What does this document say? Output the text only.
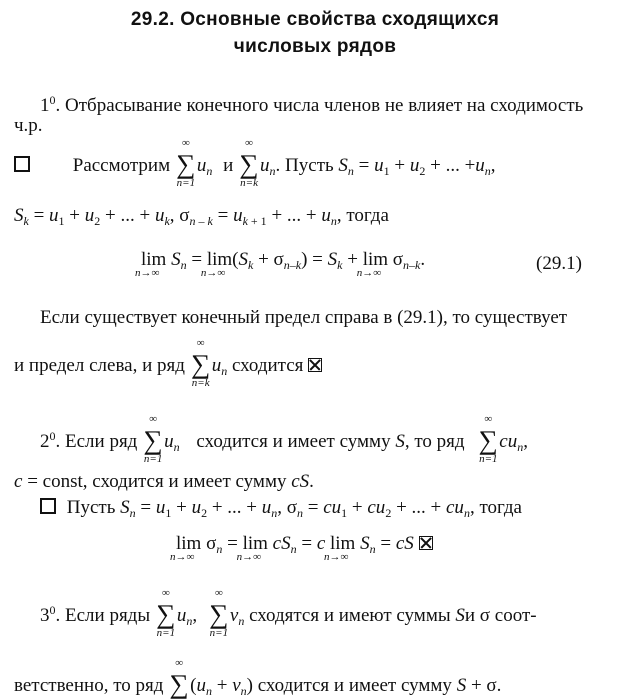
29.2. Основные свойства сходящихся
числовых рядов
$1^0$. Отбрасывание конечного числа членов не влияет на сходимость
ч.р.
Рассмотрим
∞
∑
n=1
$u_n$ и
∞
∑
n=k
$u_n$. Пусть $S_n = u_1 + u_2$ + ... $+u_n$,
$S_k = u_1 + u_2$ + ... + $u_k$, $\sigma_{n - k} = u_{k + 1}$ + ... + $u_n$, тогда
lim
n→∞
$S_n = \lim$
n→∞
$(S_k + \sigma_{n-k}) = S_k + \lim$
n→∞
$\sigma_{n-k}$.	(29.1)
Если существует конечный предел справа в (29.1), то существует
и предел слева, и ряд
∞
∑
n=k
$u_n$ сходится
$2^0$. Если ряд
∞
∑
n=1
$u_n$ сходится и имеет сумму S, то ряд
∞
∑
n=1
$cu_n$,
c = const, сходится и имеет сумму cS.
Пусть $S_n = u_1 + u_2$ + ... + $u_n$, $\sigma_n = cu_1 + cu_2$ + ... + $cu_n$, тогда
lim
n→∞
$\sigma_n = \lim$
n→∞
$cS_n = c$ lim
n→∞
$S_n$ = cS
$3^0$. Если ряды
∞
∑
n=1
$u_n$,
∞
∑
n=1
$v_n$ сходятся и имеют суммы Sи σ соот-
ветственно, то ряд
∞
∑ $(u_n + v_n)$ сходится и имеет сумму S + σ.
